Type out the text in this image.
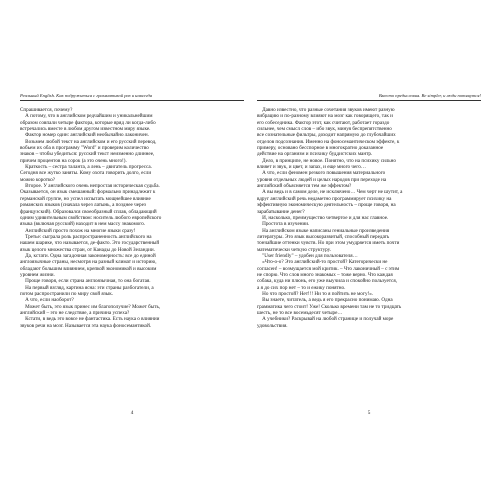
Реальный English. Как подружиться с грамматикой раз и навсегда
Спрашивается, почему?
А потому, что в английском редчайшим и уникальнейшим
образом совпали четыре фактора, которые вряд ли когда-либо
встречались вместе в любом другом известном миру языке.
Фактор номер один: английский необычайно лаконичен.
Возьмем любой текст на английском и его русский перевод,
вобьем их оба в программу "Word" и проверим количество
знаков – чтобы убедиться: русский текст неизменно длиннее,
причем процентов на сорок (а это очень много!).
Краткость – сестра таланта, а лень – двигатель прогресса.
Сегодня все жутко заняты. Кому охота говорить долго, если
можно коротко?
Второе. У английского очень непростая историческая судьба.
Оказывается, он язык смешанный: формально принадлежит к
германской группе, но успел испытать мощнейшее влияние
романских языков (сначала через латынь, а позднее через
французский). Образовался своеобразный сплав, обладающий
одним удивительным свойством: носитель любого европейского
языка (включая русский) находит в нем массу знакомого.
Английский просто похож на многие языки сразу!
Третье: сыграла роль распространенность английского на
нашем шарике, что называется, де-факто. Это государственный
язык целого множества стран, от Канады до Новой Зеландии.
Да, кстати. Одна загадочная закономерность: все до единой
англоязычные страны, несмотря на разный климат и историю,
обладают большим влиянием, крепкой экономикой и высоким
уровнем жизни.
Проще говоря, если страна англоязычная, то она богатая.
На первый взгляд, картина ясна: эти страны разбогатели, а
потом распространили по миру свой язык.
А что, если наоборот?
Может быть, это язык принес им благополучие? Может быть,
английский – это не следствие, а причина успеха?
Кстати, в ведь это вовсе не фантастика. Есть наука о влиянии
звуков речи на мозг. Называется эта наука фоносемантикой.
4
Вместо предисловия. Be simpler, и люди потянутся!
Давно известно, что разные сочетания звуков имеют разную
вибрацию и по-разному влияют на мозг как говорящего, так и
его собеседника. Фактор этот, как считают, работает гораздо
сильнее, чем смысл слов – ибо звук, минуя беспрепятственно
все сознательные фильтры, доходит напрямую до глубочайших
отделов подсознания. Именно на фоносемантическом эффекте, к
примеру, основано бесспорное в многократно доказанное
действие на организм и психику буддистских мантр.
Дело, в принципе, не новое. Понятно, что на психику сильно
влияет и звук, и цвет, и запах, и еще много чего…
А что, если феномен резкого повышения материального
уровня отдельных людей и целых народов при переходе на
английский объясняется тем же эффектом?
А вы ведь и в самом деле, не исключено… Чем черт не шутит, а
вдруг английский речь недаметно программирует психику на
эффективную экономическую деятельность – проще говоря, на
зарабатывание денег?
И, насколько, преимущество четвертое и для нас главное.
Простота в изучении.
На английском языке написаны гениальные произведения
литературы. Это язык высокоразвитый, способный передать
тончайшие оттенки чувств. Но при этом умудряется иметь почти
математически четкую структуру.
"User friendly" – удобен для пользователя…
«Что-о-о? Это английский-то простой? Категорически не
согласен! – возмущается мой критик. – Что лаконичный – с этим
не спорю. Что слов много знакомых – тоже верно. Что каждая
собака, куда ни плюнь, его уже выучила и спокойно пользуется,
а я до сих пор нет – то и ежику понятно.
Но что простой? Нет!!! Ни то я пойтить не могу!».
Вы знаете, читатель, а ведь я его прекрасно понимаю. Одна
грамматика чего стоит! Уже! Сколько времени там не то тридцать
шесть, не то все восемьдесят четыре…
А учебники? Раскрывай на любой странице и получай море
удовольствия.
5
